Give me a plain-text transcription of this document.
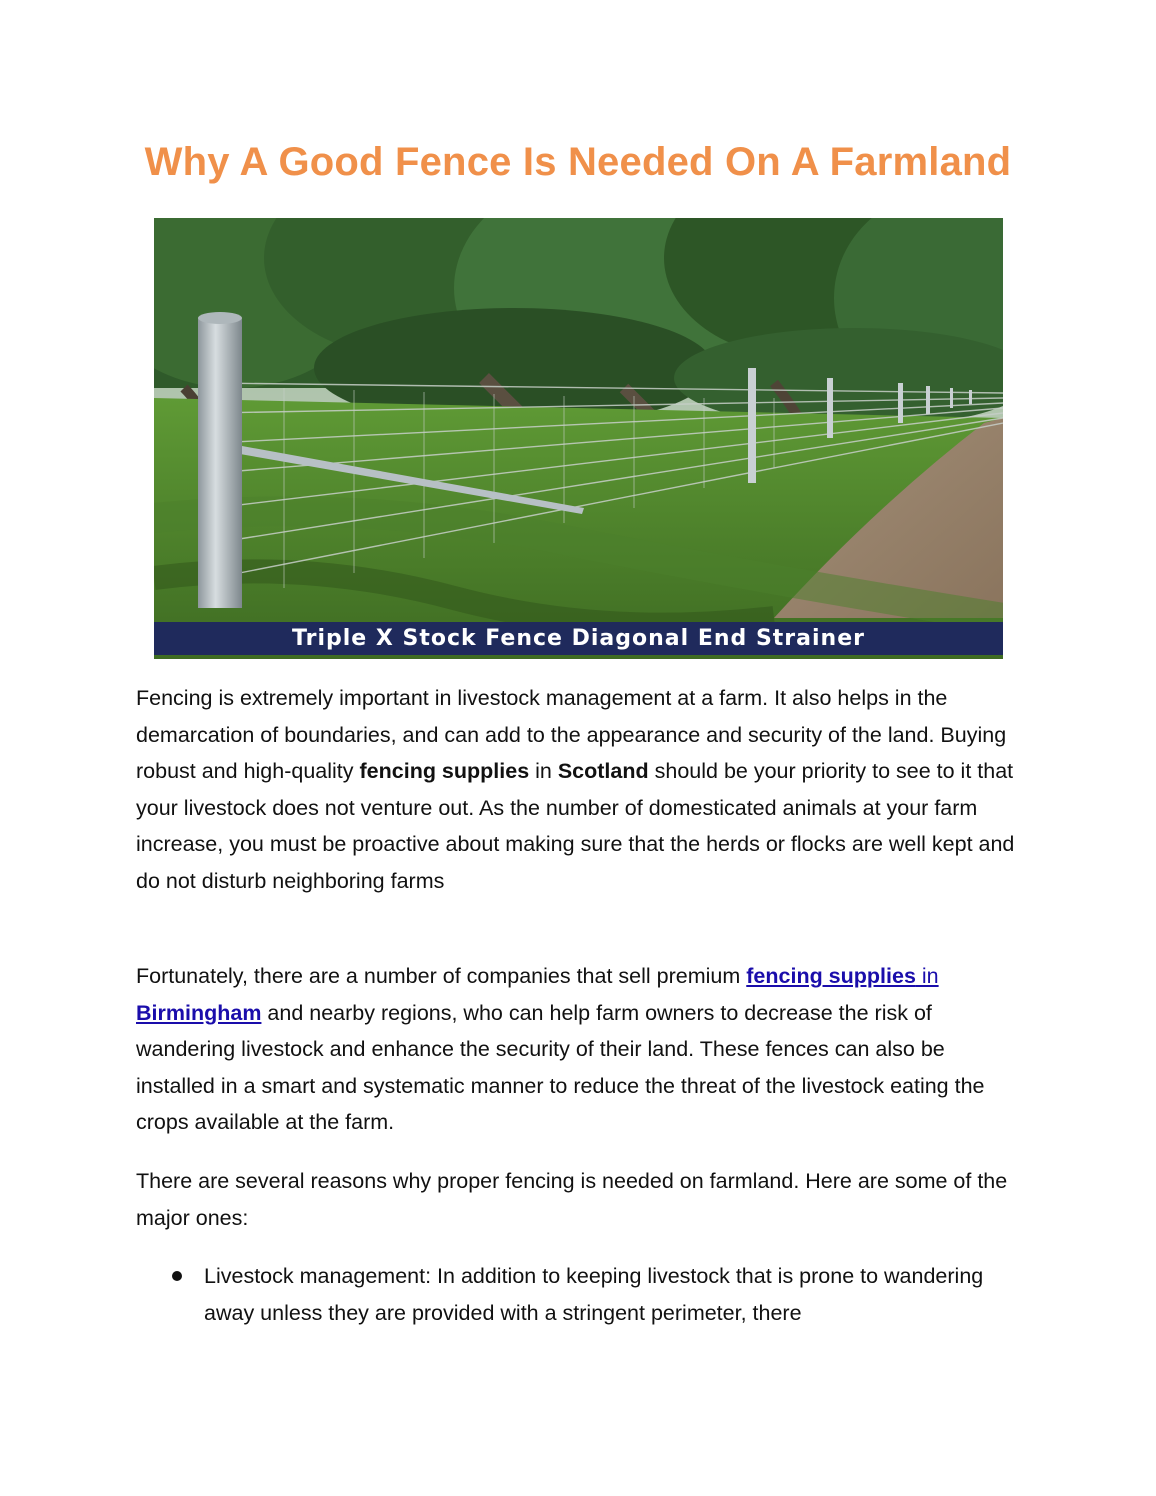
Why A Good Fence Is Needed On A Farmland
Triple X Stock Fence Diagonal End Strainer

Fencing is extremely important in livestock management at a farm. It also helps in the demarcation of boundaries, and can add to the appearance and security of the land. Buying robust and high-quality fencing supplies in Scotland should be your priority to see to it that your livestock does not venture out. As the number of domesticated animals at your farm increase, you must be proactive about making sure that the herds or flocks are well kept and do not disturb neighboring farms

Fortunately, there are a number of companies that sell premium fencing supplies in Birmingham and nearby regions, who can help farm owners to decrease the risk of wandering livestock and enhance the security of their land. These fences can also be installed in a smart and systematic manner to reduce the threat of the livestock eating the crops available at the farm.

There are several reasons why proper fencing is needed on farmland. Here are some of the major ones:

Livestock management: In addition to keeping livestock that is prone to wandering away unless they are provided with a stringent perimeter, there
